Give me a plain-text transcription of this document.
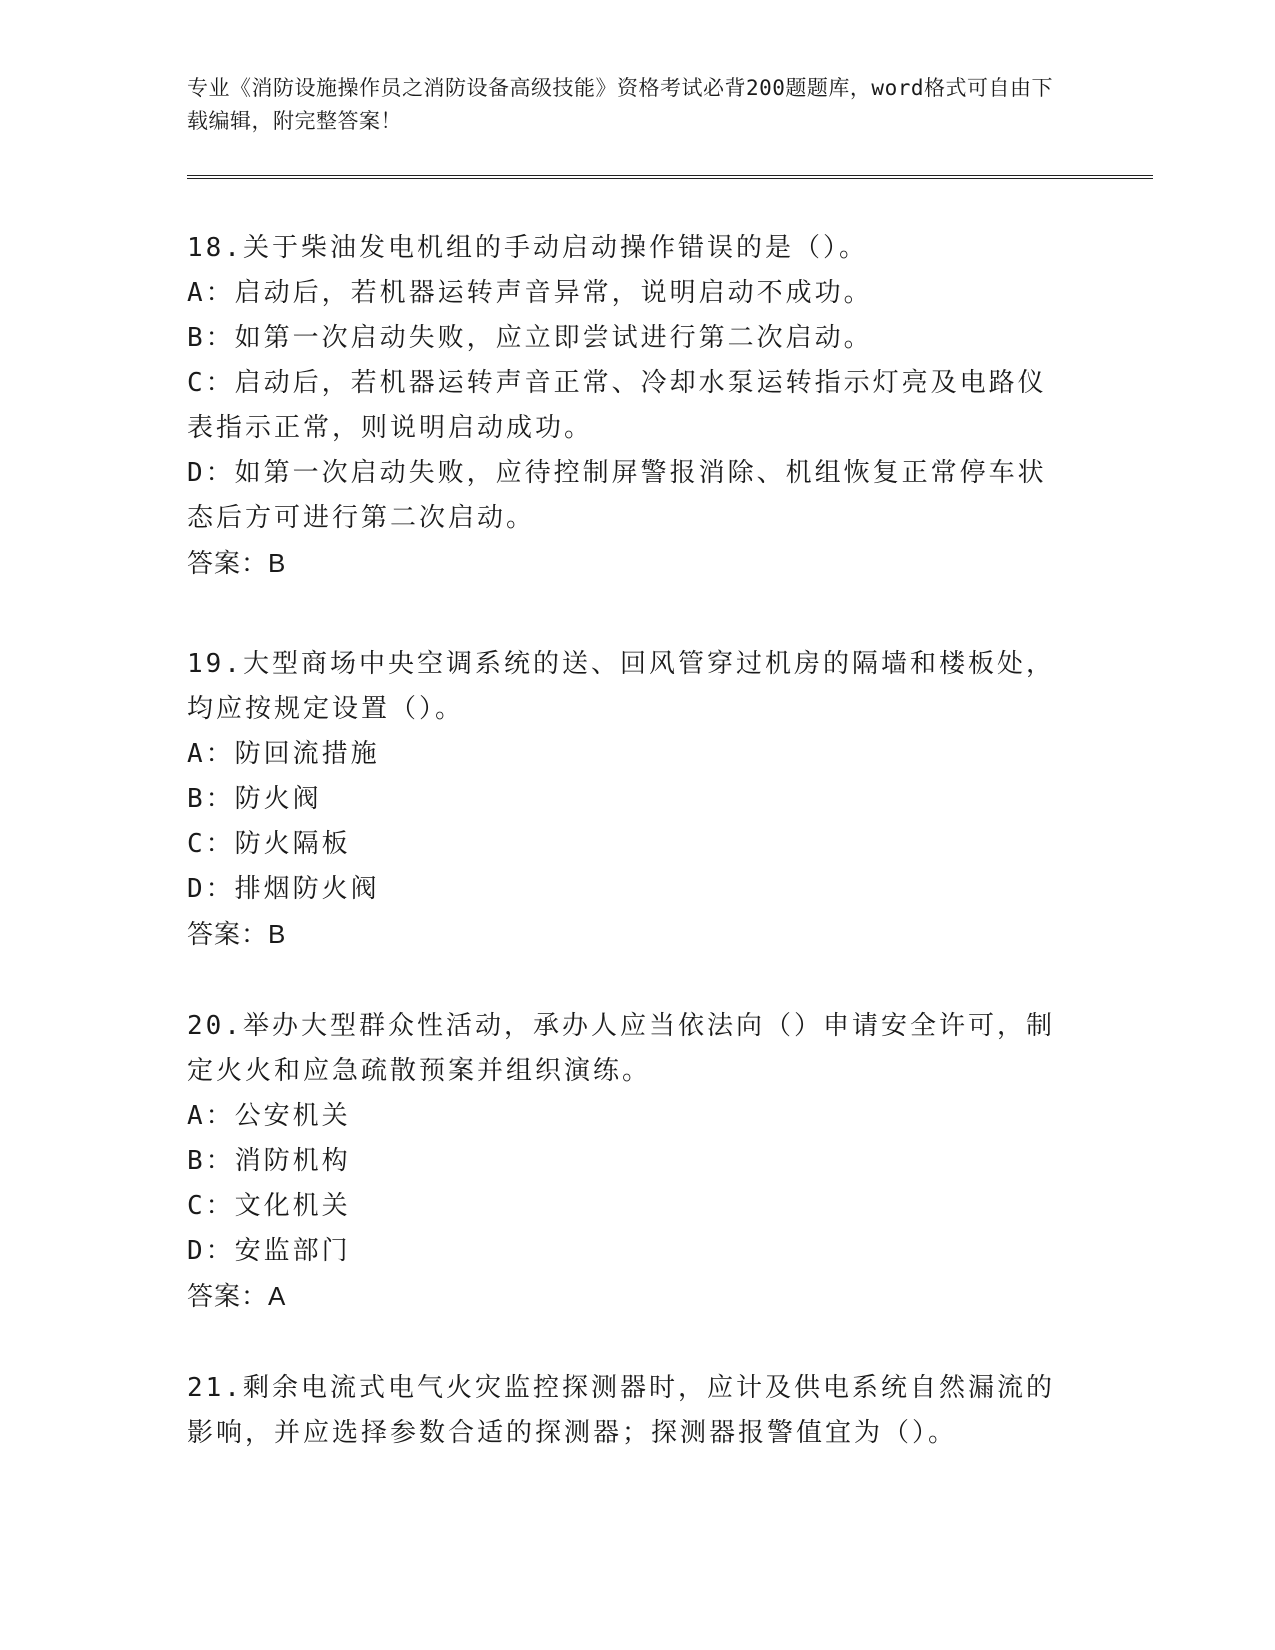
专业《消防设施操作员之消防设备高级技能》资格考试必背200题题库，word格式可自由下载编辑，附完整答案！

18.关于柴油发电机组的手动启动操作错误的是（）。

A：启动后，若机器运转声音异常，说明启动不成功。

B：如第一次启动失败，应立即尝试进行第二次启动。

C：启动后，若机器运转声音正常、冷却水泵运转指示灯亮及电路仪表指示正常，则说明启动成功。

D：如第一次启动失败，应待控制屏警报消除、机组恢复正常停车状态后方可进行第二次启动。

答案：B

19.大型商场中央空调系统的送、回风管穿过机房的隔墙和楼板处，均应按规定设置（）。

A：防回流措施

B：防火阀

C：防火隔板

D：排烟防火阀

答案：B

20.举办大型群众性活动，承办人应当依法向（）申请安全许可，制定火火和应急疏散预案并组织演练。

A：公安机关

B：消防机构

C：文化机关

D：安监部门

答案：A

21.剩余电流式电气火灾监控探测器时，应计及供电系统自然漏流的影响，并应选择参数合适的探测器；探测器报警值宜为（）。
